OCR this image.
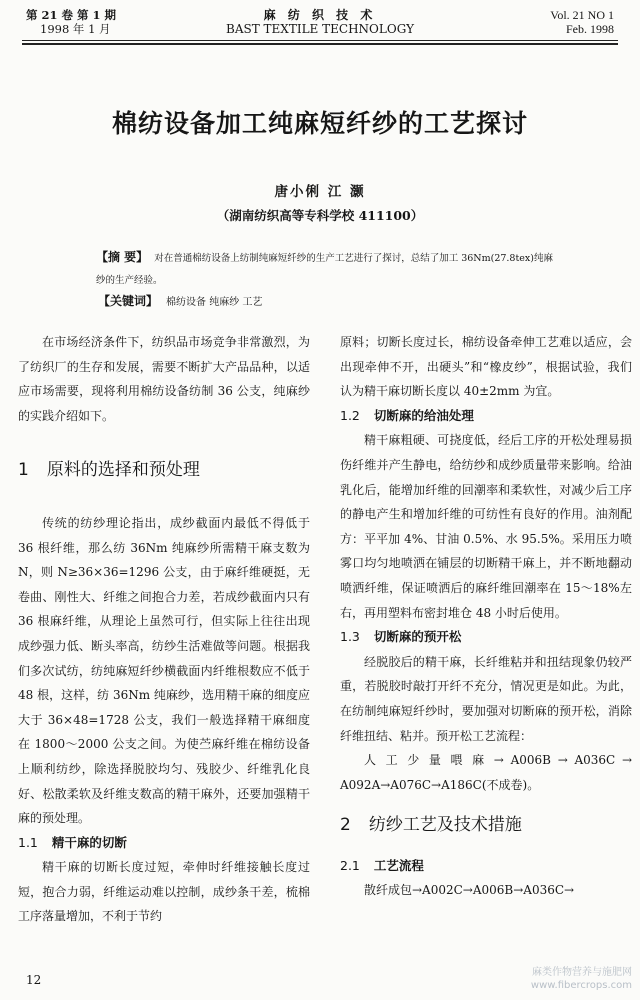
第 21 卷 第 1 期
1998 年 1 月
麻 纺 织 技 术
BAST TEXTILE TECHNOLOGY
Vol. 21 NO 1
Feb. 1998
棉纺设备加工纯麻短纤纱的工艺探讨
唐小俐 江 灏
（湖南纺织高等专科学校 411100）
【摘 要】 对在普通棉纺设备上纺制纯麻短纤纱的生产工艺进行了探讨，总结了加工 36Nm(27.8tex)纯麻纱的生产经验。
【关键词】 棉纺设备 纯麻纱 工艺

在市场经济条件下，纺织品市场竞争非常激烈，为了纺织厂的生存和发展，需要不断扩大产品品种，以适应市场需要，现将利用棉纺设备纺制 36 公支，纯麻纱的实践介绍如下。

1 原料的选择和预处理

传统的纺纱理论指出，成纱截面内最低不得低于 36 根纤维，那么纺 36Nm 纯麻纱所需精干麻支数为 N，则 N≥36×36=1296 公支，由于麻纤维硬挺，无卷曲、刚性大、纤维之间抱合力差，若成纱截面内只有 36 根麻纤维，从理论上虽然可行，但实际上往往出现成纱强力低、断头率高，纺纱生活难做等问题。根据我们多次试纺，纺纯麻短纤纱横截面内纤维根数应不低于 48 根，这样，纺 36Nm 纯麻纱，选用精干麻的细度应大于 36×48=1728 公支，我们一般选择精干麻细度在 1800～2000 公支之间。为使苎麻纤维在棉纺设备上顺利纺纱，除选择脱胶均匀、残胶少、纤维乳化良好、松散柔软及纤维支数高的精干麻外，还要加强精干麻的预处理。

1.1 精干麻的切断

精干麻的切断长度过短，牵伸时纤维接触长度过短，抱合力弱，纤维运动难以控制，成纱条干差，梳棉工序落量增加，不利于节约

原料；切断长度过长，棉纺设备牵伸工艺难以适应，会出现牵伸不开，出硬头”和“橡皮纱”，根据试验，我们认为精干麻切断长度以 40±2mm 为宜。

1.2 切断麻的给油处理

精干麻粗硬、可挠度低，经后工序的开松处理易损伤纤维并产生静电，给纺纱和成纱质量带来影响。给油乳化后，能增加纤维的回潮率和柔软性，对减少后工序的静电产生和增加纤维的可纺性有良好的作用。油剂配方：平平加 4%、甘油 0.5%、水 95.5%。采用压力喷雾口均匀地喷洒在铺层的切断精干麻上，并不断地翻动喷洒纤维，保证喷洒后的麻纤维回潮率在 15～18%左右，再用塑料布密封堆仓 48 小时后使用。

1.3 切断麻的预开松

经脱胶后的精干麻，长纤维粘并和扭结现象仍较严重，若脱胶时敲打开纤不充分，情况更是如此。为此，在纺制纯麻短纤纱时，要加强对切断麻的预开松，消除纤维扭结、粘并。预开松工艺流程：

人 工 少 量 喂 麻 → A006B → A036C → A092A→A076C→A186C(不成卷)。

2 纺纱工艺及技术措施
2.1 工艺流程

散纤成包→A002C→A006B→A036C→

12
麻类作物营养与施肥网
www.fibercrops.com
